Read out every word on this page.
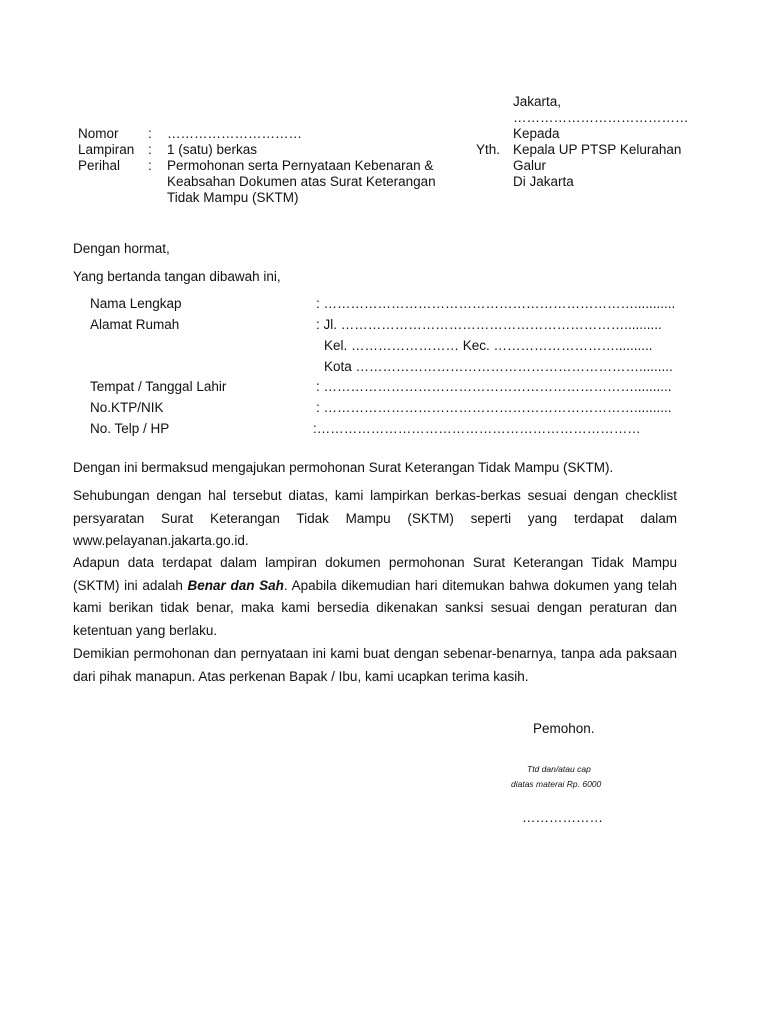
Jakarta,
…………………………………
Kepada
Yth. Kepala UP PTSP Kelurahan
Galur
Di Jakarta
Nomor : …………………………
Lampiran : 1 (satu) berkas
Perihal : Permohonan serta Pernyataan Kebenaran &
Keabsahan Dokumen atas Surat Keterangan
Tidak Mampu (SKTM)
Dengan hormat,
Yang bertanda tangan dibawah ini,
Nama Lengkap	: ……………………………………………………………...........
Alamat Rumah	: Jl. ………………………………………………………..........
Kel. …………………… Kec. ………………………..........
Kota ……………………………………………………….........
Tempat / Tanggal Lahir	: ……………………………………………………………..........
No.KTP/NIK	: ……………………………………………………………..........
No. Telp / HP	:………………………………………………………………
Dengan ini bermaksud mengajukan permohonan Surat Keterangan Tidak Mampu (SKTM).
Sehubungan dengan hal tersebut diatas, kami lampirkan berkas-berkas sesuai dengan checklist persyaratan Surat Keterangan Tidak Mampu (SKTM) seperti yang terdapat dalam www.pelayanan.jakarta.go.id.
Adapun data terdapat dalam lampiran dokumen permohonan Surat Keterangan Tidak Mampu (SKTM) ini adalah Benar dan Sah. Apabila dikemudian hari ditemukan bahwa dokumen yang telah kami berikan tidak benar, maka kami bersedia dikenakan sanksi sesuai dengan peraturan dan ketentuan yang berlaku.
Demikian permohonan dan pernyataan ini kami buat dengan sebenar-benarnya, tanpa ada paksaan dari pihak manapun. Atas perkenan Bapak / Ibu, kami ucapkan terima kasih.
Pemohon.
Ttd dan/atau cap
diatas materai Rp. 6000
………………
